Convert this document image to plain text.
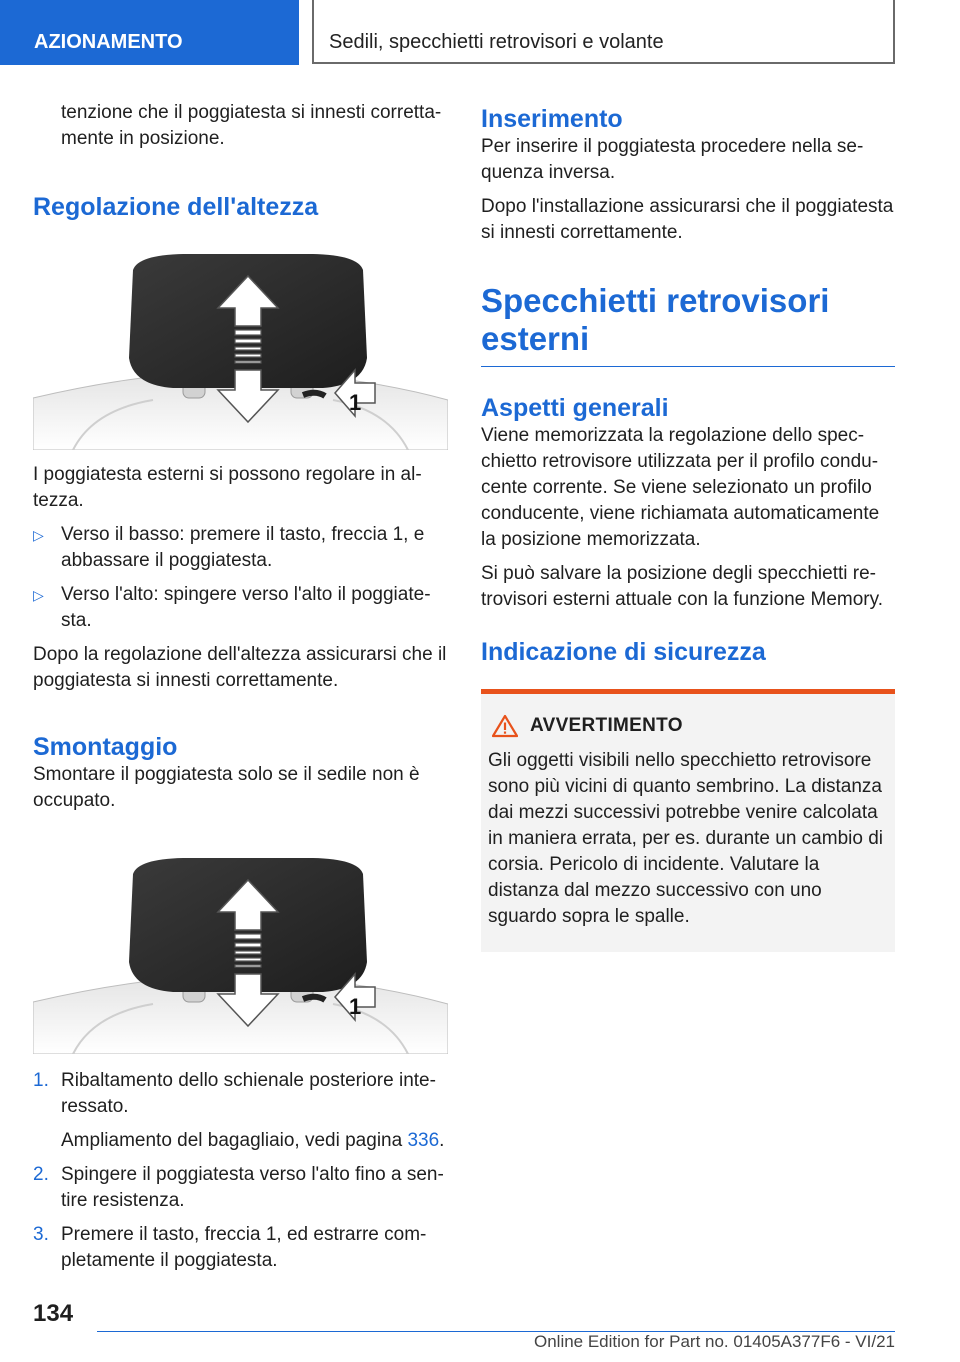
AZIONAMENTO	Sedili, specchietti retrovisori e volante

tenzione che il poggiatesta si innesti corretta-mente in posizione.

Regolazione dell'altezza
1

I poggiatesta esterni si possono regolare in al-tezza.

▷ Verso il basso: premere il tasto, freccia 1, e abbassare il poggiatesta.
▷ Verso l'alto: spingere verso l'alto il poggiate-sta.

Dopo la regolazione dell'altezza assicurarsi che il poggiatesta si innesti correttamente.

Smontaggio

Smontare il poggiatesta solo se il sedile non è occupato.

1
1. Ribaltamento dello schienale posteriore inte-ressato.
Ampliamento del bagagliaio, vedi pagina 336.
2. Spingere il poggiatesta verso l'alto fino a sen-tire resistenza.
3. Premere il tasto, freccia 1, ed estrarre com-pletamente il poggiatesta.
Inserimento

Per inserire il poggiatesta procedere nella se-quenza inversa.

Dopo l'installazione assicurarsi che il poggiatesta si innesti correttamente.

Specchietti retrovisori esterni
Aspetti generali

Viene memorizzata la regolazione dello spec-chietto retrovisore utilizzata per il profilo condu-cente corrente. Se viene selezionato un profilo conducente, viene richiamata automaticamente la posizione memorizzata.

Si può salvare la posizione degli specchietti re-trovisori esterni attuale con la funzione Memory.

Indicazione di sicurezza
AVVERTIMENTO

Gli oggetti visibili nello specchietto retrovisore sono più vicini di quanto sembrino. La distanza dai mezzi successivi potrebbe venire calcolata in maniera errata, per es. durante un cambio di corsia. Pericolo di incidente. Valutare la distanza dal mezzo successivo con uno sguardo sopra le spalle.

134
Online Edition for Part no. 01405A377F6 - VI/21
